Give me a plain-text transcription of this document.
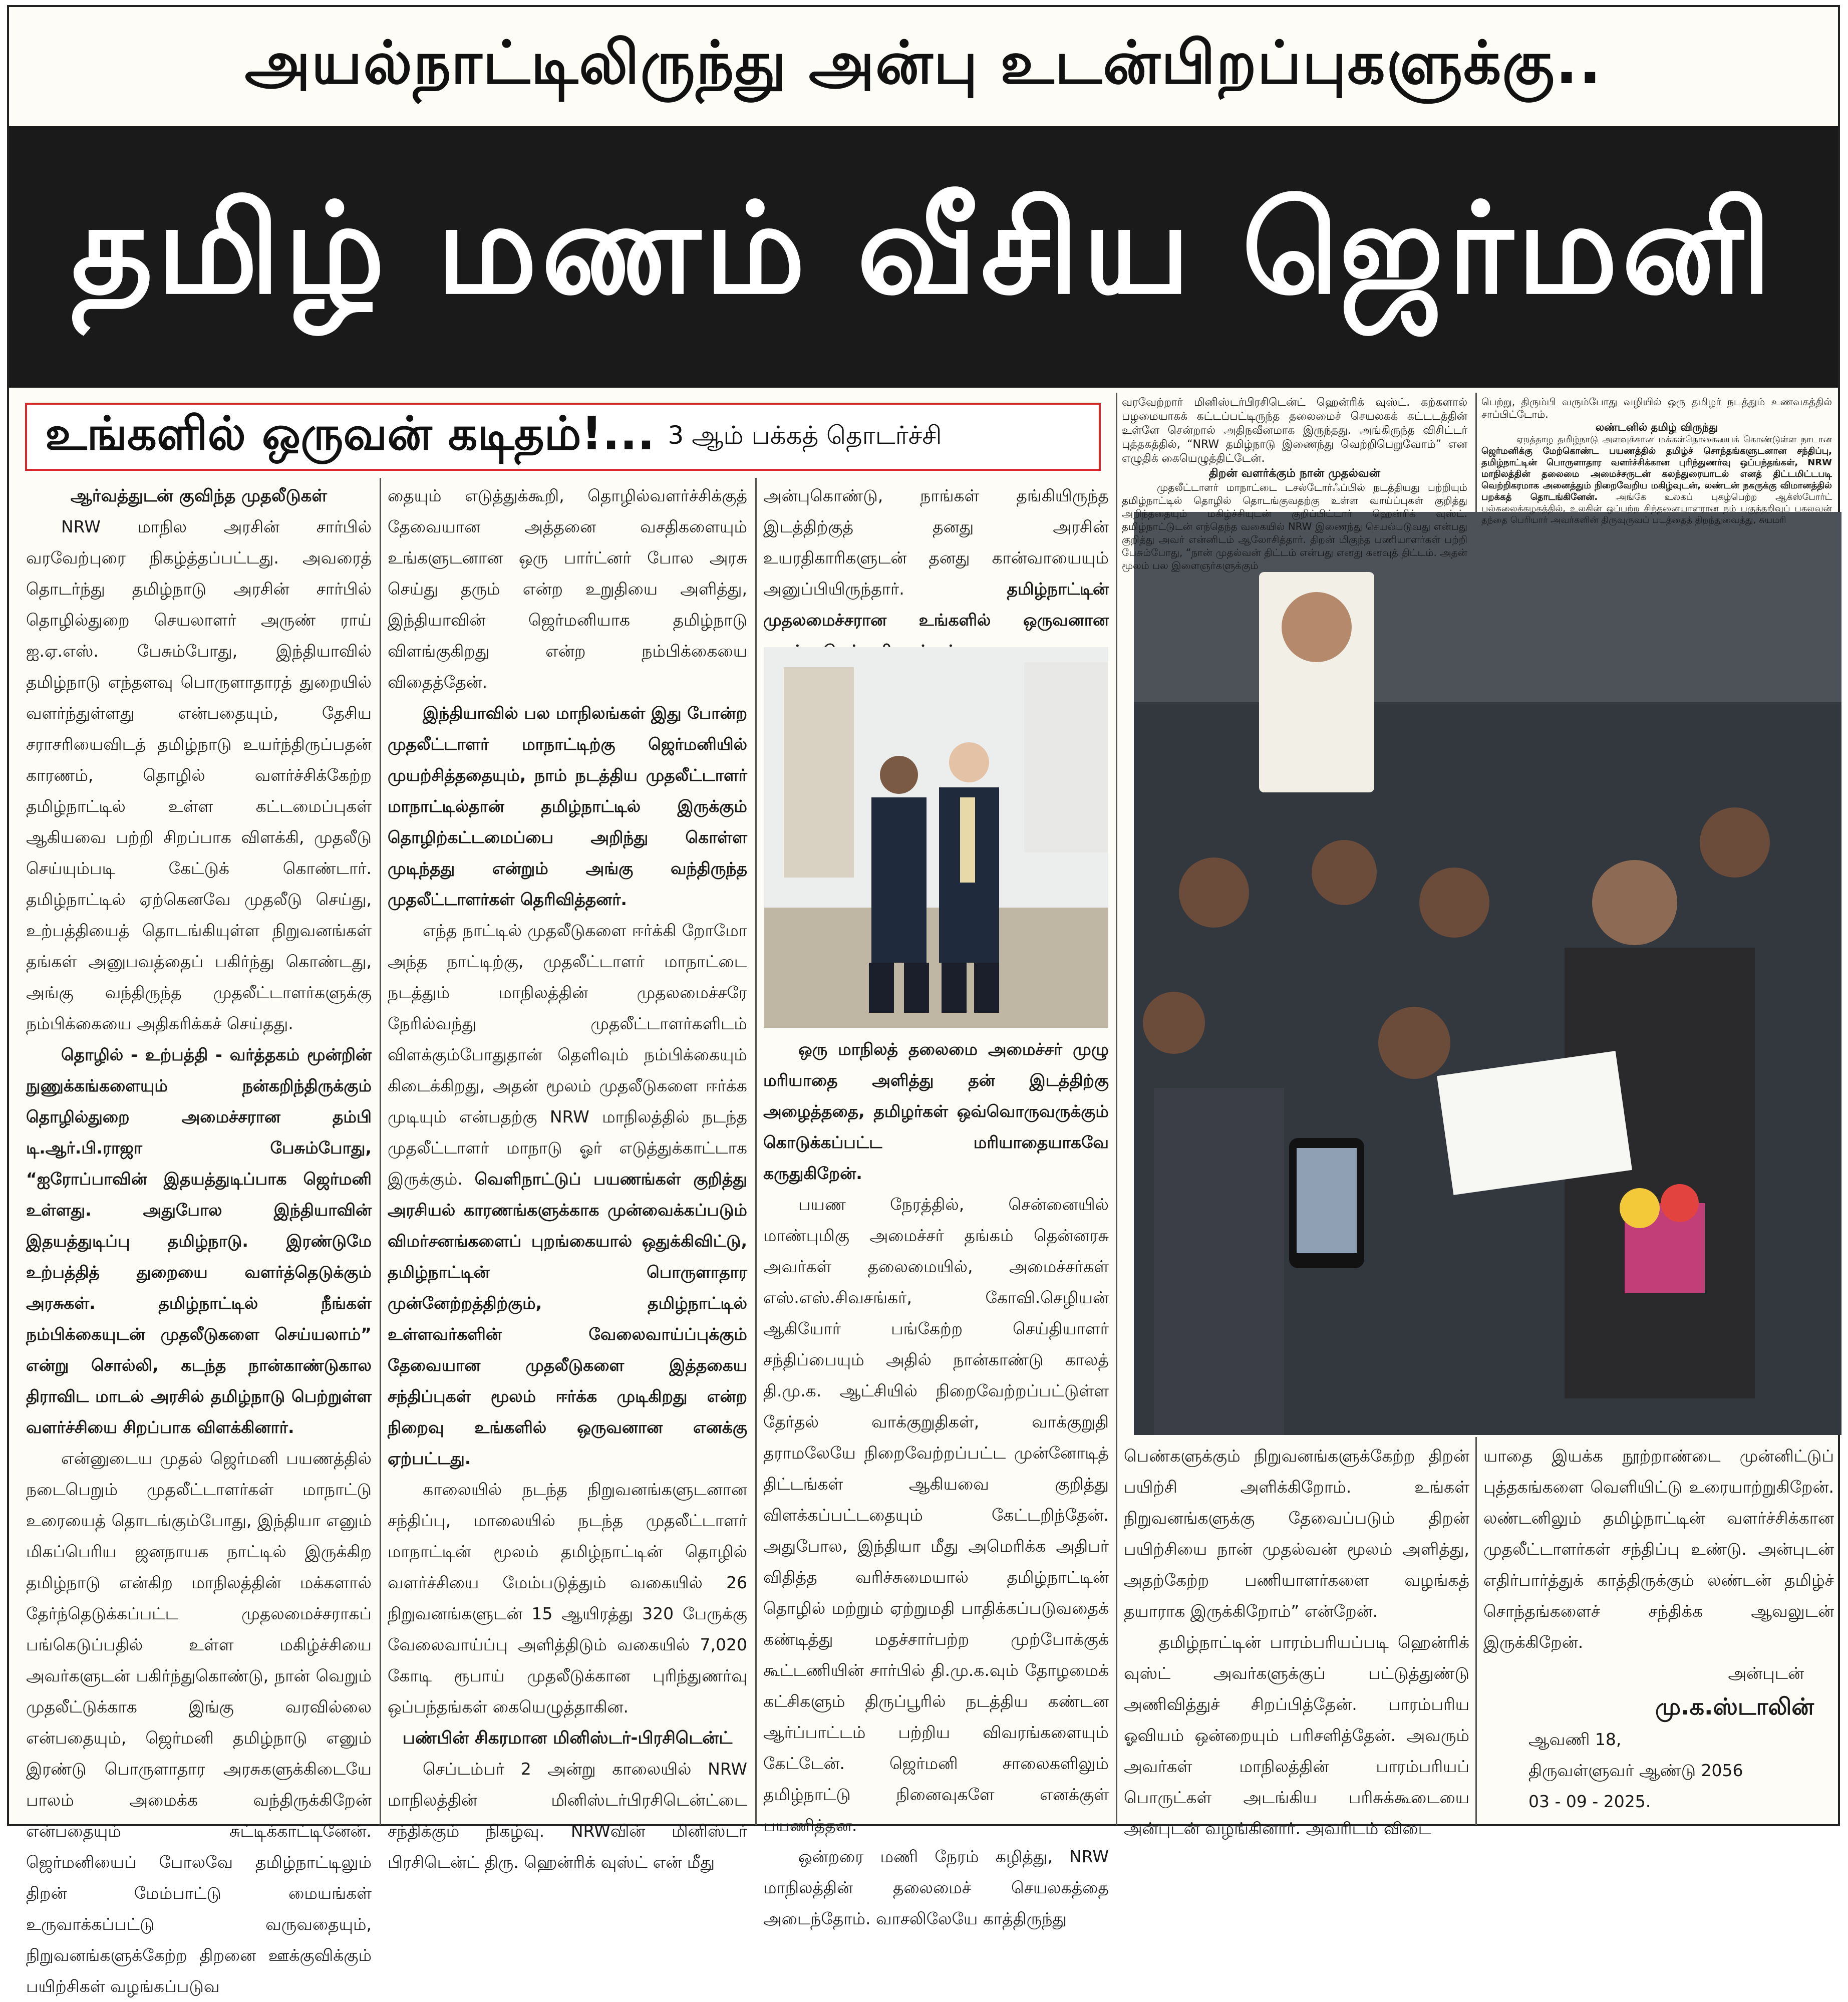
அயல்நாட்டிலிருந்து அன்பு உடன்பிறப்புகளுக்கு..
தமிழ் மணம் வீசிய ஜெர்மனி
உங்களில் ஒருவன் கடிதம்!... 3 ஆம் பக்கத் தொடர்ச்சி
ஆர்வத்துடன் குவிந்த முதலீடுகள்

NRW மாநில அரசின் சார்பில் வரவேற்புரை நிகழ்த்தப்பட்டது. அவரைத் தொடர்ந்து தமிழ்நாடு அரசின் சார்பில் தொழில்துறை செயலாளர் அருண் ராய் ஐ.ஏ.எஸ். பேசும்போது, இந்தியாவில் தமிழ்நாடு எந்தளவு பொருளாதாரத் துறையில் வளர்ந்துள்ளது என்பதையும், தேசிய சராசரியைவிடத் தமிழ்நாடு உயர்ந்திருப்பதன் காரணம், தொழில் வளர்ச்சிக்கேற்ற தமிழ்நாட்டில் உள்ள கட்டமைப்புகள் ஆகியவை பற்றி சிறப்பாக விளக்கி, முதலீடு செய்யும்படி கேட்டுக் கொண்டார். தமிழ்நாட்டில் ஏற்கெனவே முதலீடு செய்து, உற்பத்தியைத் தொடங்கியுள்ள நிறுவனங்கள் தங்கள் அனுபவத்தைப் பகிர்ந்து கொண்டது, அங்கு வந்திருந்த முதலீட்டாளர்களுக்கு நம்பிக்கையை அதிகரிக்கச் செய்தது.

தொழில் - உற்பத்தி - வர்த்தகம் மூன்றின் நுணுக்கங்களையும் நன்கறிந்திருக்கும் தொழில்துறை அமைச்சரான தம்பி டி.ஆர்.பி.ராஜா பேசும்போது, “ஐரோப்பாவின் இதயத்துடிப்பாக ஜெர்மனி உள்ளது. அதுபோல இந்தியாவின் இதயத்துடிப்பு தமிழ்நாடு. இரண்டுமே உற்பத்தித் துறையை வளர்த்தெடுக்கும் அரசுகள். தமிழ்நாட்டில் நீங்கள் நம்பிக்கையுடன் முதலீடுகளை செய்யலாம்” என்று சொல்லி, கடந்த நான்காண்டுகால திராவிட மாடல் அரசில் தமிழ்நாடு பெற்றுள்ள வளர்ச்சியை சிறப்பாக விளக்கினார்.

என்னுடைய முதல் ஜெர்மனி பயணத்தில் நடைபெறும் முதலீட்டாளர்கள் மாநாட்டு உரையைத் தொடங்கும்போது, இந்தியா எனும் மிகப்பெரிய ஜனநாயக நாட்டில் இருக்கிற தமிழ்நாடு என்கிற மாநிலத்தின் மக்களால் தேர்ந்தெடுக்கப்பட்ட முதலமைச்சராகப் பங்கெடுப்பதில் உள்ள மகிழ்ச்சியை அவர்களுடன் பகிர்ந்துகொண்டு, நான் வெறும் முதலீட்டுக்காக இங்கு வரவில்லை என்பதையும், ஜெர்மனி தமிழ்நாடு எனும் இரண்டு பொருளாதார அரசுகளுக்கிடையே பாலம் அமைக்க வந்திருக்கிறேன் என்பதையும் சுட்டிக்காட்டினேன். ஜெர்மனியைப் போலவே தமிழ்நாட்டிலும் திறன் மேம்பாட்டு மையங்கள் உருவாக்கப்பட்டு வருவதையும், நிறுவனங்களுக்கேற்ற திறனை ஊக்குவிக்கும் பயிற்சிகள் வழங்கப்படுவ

தையும் எடுத்துக்கூறி, தொழில்வளர்ச்சிக்குத் தேவையான அத்தனை வசதிகளையும் உங்களுடனான ஒரு பார்ட்னர் போல அரசு செய்து தரும் என்ற உறுதியை அளித்து, இந்தியாவின் ஜெர்மனியாக தமிழ்நாடு விளங்குகிறது என்ற நம்பிக்கையை விதைத்தேன்.

இந்தியாவில் பல மாநிலங்கள் இது போன்ற முதலீட்டாளர் மாநாட்டிற்கு ஜெர்மனியில் முயற்சித்ததையும், நாம் நடத்திய முதலீட்டாளர் மாநாட்டில்தான் தமிழ்நாட்டில் இருக்கும் தொழிற்கட்டமைப்பை அறிந்து கொள்ள முடிந்தது என்றும் அங்கு வந்திருந்த முதலீட்டாளர்கள் தெரிவித்தனர்.

எந்த நாட்டில் முதலீடுகளை ஈர்க்கி றோமோ அந்த நாட்டிற்கு, முதலீட்டாளர் மாநாட்டை நடத்தும் மாநிலத்தின் முதலமைச்சரே நேரில்வந்து முதலீட்டாளர்களிடம் விளக்கும்போதுதான் தெளிவும் நம்பிக்கையும் கிடைக்கிறது, அதன் மூலம் முதலீடுகளை ஈர்க்க முடியும் என்பதற்கு NRW மாநிலத்தில் நடந்த முதலீட்டாளர் மாநாடு ஓர் எடுத்துக்காட்டாக இருக்கும். வெளிநாட்டுப் பயணங்கள் குறித்து அரசியல் காரணங்களுக்காக முன்வைக்கப்படும் விமர்சனங்களைப் புறங்கையால் ஒதுக்கிவிட்டு, தமிழ்நாட்டின் பொருளாதார முன்னேற்றத்திற்கும், தமிழ்நாட்டில் உள்ளவர்களின் வேலைவாய்ப்புக்கும் தேவையான முதலீடுகளை இத்தகைய சந்திப்புகள் மூலம் ஈர்க்க முடிகிறது என்ற நிறைவு உங்களில் ஒருவனான எனக்கு ஏற்பட்டது.

காலையில் நடந்த நிறுவனங்களுடனான சந்திப்பு, மாலையில் நடந்த முதலீட்டாளர் மாநாட்டின் மூலம் தமிழ்நாட்டின் தொழில் வளர்ச்சியை மேம்படுத்தும் வகையில் 26 நிறுவனங்களுடன் 15 ஆயிரத்து 320 பேருக்கு வேலைவாய்ப்பு அளித்திடும் வகையில் 7,020 கோடி ரூபாய் முதலீடுக்கான புரிந்துணர்வு ஒப்பந்தங்கள் கையெழுத்தாகின.

பண்பின் சிகரமான மினிஸ்டர்-பிரசிடென்ட்

செப்டம்பர் 2 அன்று காலையில் NRW மாநிலத்தின் மினிஸ்டர்பிரசிடென்ட்டை சந்திக்கும் நிகழ்வு. NRWவின் மினிஸ்டர் பிரசிடென்ட் திரு. ஹென்ரிக் வுஸ்ட் என் மீது

அன்புகொண்டு, நாங்கள் தங்கியிருந்த இடத்திற்குத் தனது அரசின் உயரதிகாரிகளுடன் தனது கான்வாயையும் அனுப்பியிருந்தார்.	தமிழ்நாட்டின் முதலமைச்சரான உங்களில் ஒருவனான

ஒரு மாநிலத் தலைமை அமைச்சர் முழு மரியாதை அளித்து தன் இடத்திற்கு அழைத்ததை, தமிழர்கள் ஒவ்வொருவருக்கும் கொடுக்கப்பட்ட மரியாதையாகவே கருதுகிறேன்.

பயண நேரத்தில், சென்னையில் மாண்புமிகு அமைச்சர் தங்கம் தென்னரசு அவர்கள் தலைமையில், அமைச்சர்கள் எஸ்.எஸ்.சிவசங்கர், கோவி.செழியன் ஆகியோர் பங்கேற்ற செய்தியாளர் சந்திப்பையும் அதில் நான்காண்டு காலத் தி.மு.க. ஆட்சியில் நிறைவேற்றப்பட்டுள்ள தேர்தல் வாக்குறுதிகள், வாக்குறுதி தராமலேயே நிறைவேற்றப்பட்ட முன்னோடித் திட்டங்கள் ஆகியவை குறித்து விளக்கப்பட்டதையும் கேட்டறிந்தேன். அதுபோல, இந்தியா மீது அமெரிக்க அதிபர் விதித்த வரிச்சுமையால் தமிழ்நாட்டின் தொழில் மற்றும் ஏற்றுமதி பாதிக்கப்படுவதைக் கண்டித்து மதச்சார்பற்ற முற்போக்குக் கூட்டணியின் சார்பில் தி.மு.க.வும் தோழமைக் கட்சிகளும் திருப்பூரில் நடத்திய கண்டன ஆர்ப்பாட்டம் பற்றிய விவரங்களையும் கேட்டேன். ஜெர்மனி சாலைகளிலும் தமிழ்நாட்டு நினைவுகளே எனக்குள் பயணித்தன.

ஒன்றரை மணி நேரம் கழித்து, NRW மாநிலத்தின் தலைமைச் செயலகத்தை அடைந்தோம். வாசலிலேயே காத்திருந்து

பெண்களுக்கும் நிறுவனங்களுக்கேற்ற திறன் பயிற்சி அளிக்கிறோம். உங்கள் நிறுவனங்களுக்கு தேவைப்படும் திறன் பயிற்சியை நான் முதல்வன் மூலம் அளித்து, அதற்கேற்ற பணியாளர்களை வழங்கத் தயாராக இருக்கிறோம்” என்றேன்.

தமிழ்நாட்டின் பாரம்பரியப்படி ஹென்ரிக் வுஸ்ட் அவர்களுக்குப் பட்டுத்துண்டு அணிவித்துச் சிறப்பித்தேன். பாரம்பரிய ஓவியம் ஒன்றையும் பரிசளித்தேன். அவரும் அவர்கள் மாநிலத்தின் பாரம்பரியப் பொருட்கள் அடங்கிய பரிசுக்கூடையை அன்புடன் வழங்கினார். அவரிடம் விடை

யாதை இயக்க நூற்றாண்டை முன்னிட்டுப் புத்தகங்களை வெளியிட்டு உரையாற்றுகிறேன். லண்டனிலும் தமிழ்நாட்டின் வளர்ச்சிக்கான முதலீட்டாளர்கள் சந்திப்பு உண்டு. அன்புடன் எதிர்பார்த்துக் காத்திருக்கும் லண்டன் தமிழ்ச் சொந்தங்களைச் சந்திக்க ஆவலுடன் இருக்கிறேன்.

அன்புடன்

மு.க.ஸ்டாலின்

ஆவணி 18,

திருவள்ளுவர் ஆண்டு 2056

03 - 09 - 2025.

வரவேற்றார் மினிஸ்டர்பிரசிடென்ட் ஹென்ரிக் வுஸ்ட். கற்களால் பழமையாகக் கட்டப்பட்டிருந்த தலைமைச் செயலகக் கட்டடத்தின் உள்ளே சென்றால் அதிநவீனமாக இருந்தது. அங்கிருந்த விசிட்டர் புத்தகத்தில், “NRW தமிழ்நாடு இணைந்து வெற்றிபெறுவோம்” என எழுதிக் கையெழுத்திட்டேன்.

திறன் வளர்க்கும் நான் முதல்வன்

முதலீட்டாளர் மாநாட்டை டசல்டோர்ஃப்பில் நடத்தியது பற்றியும் தமிழ்நாட்டில் தொழில் தொடங்குவதற்கு உள்ள வாய்ப்புகள் குறித்து அறிந்ததையும் மகிழ்ச்சியுடன் குறிப்பிட்டார் ஹென்ரிக் வுஸ்ட். தமிழ்நாட்டுடன் எந்தெந்த வகையில் NRW இணைந்து செயல்படுவது என்பது குறித்து அவர் என்னிடம் ஆலோசித்தார். திறன் மிகுந்த பணியாளர்கள் பற்றி பேசும்போது, “நான் முதல்வன் திட்டம் என்பது எனது கனவுத் திட்டம். அதன் மூலம் பல இளைஞர்களுக்கும்

பெற்று, திரும்பி வரும்போது வழியில் ஒரு தமிழர் நடத்தும் உணவகத்தில் சாப்பிட்டோம்.

லண்டனில் தமிழ் விருந்து

ஏறத்தாழ தமிழ்நாடு அளவுக்கான மக்கள்தொகையைக் கொண்டுள்ள நாடான ஜெர்மனிக்கு மேற்கொண்ட பயணத்தில் தமிழ்ச் சொந்தங்களுடனான சந்திப்பு, தமிழ்நாட்டின் பொருளாதார வளர்ச்சிக்கான புரிந்துணர்வு ஒப்பந்தங்கள், NRW மாநிலத்தின் தலைமை அமைச்சருடன் கலந்துரையாடல் எனத் திட்டமிட்டபடி வெற்றிகரமாக அனைத்தும் நிறைவேறிய மகிழ்வுடன், லண்டன் நகருக்கு விமானத்தில் பறக்கத் தொடங்கினேன். அங்கே உலகப் புகழ்பெற்ற ஆக்ஸ்போர்ட் பல்கலைக்கழகத்தில், உலகின் ஒப்பற்ற சிந்தனையாளரான நம் பகுத்தறிவுப் பகலவன் தந்தை பெரியார் அவர்களின் திருவுருவப் படத்தைத் திறந்துவைத்து, சுயமரி
